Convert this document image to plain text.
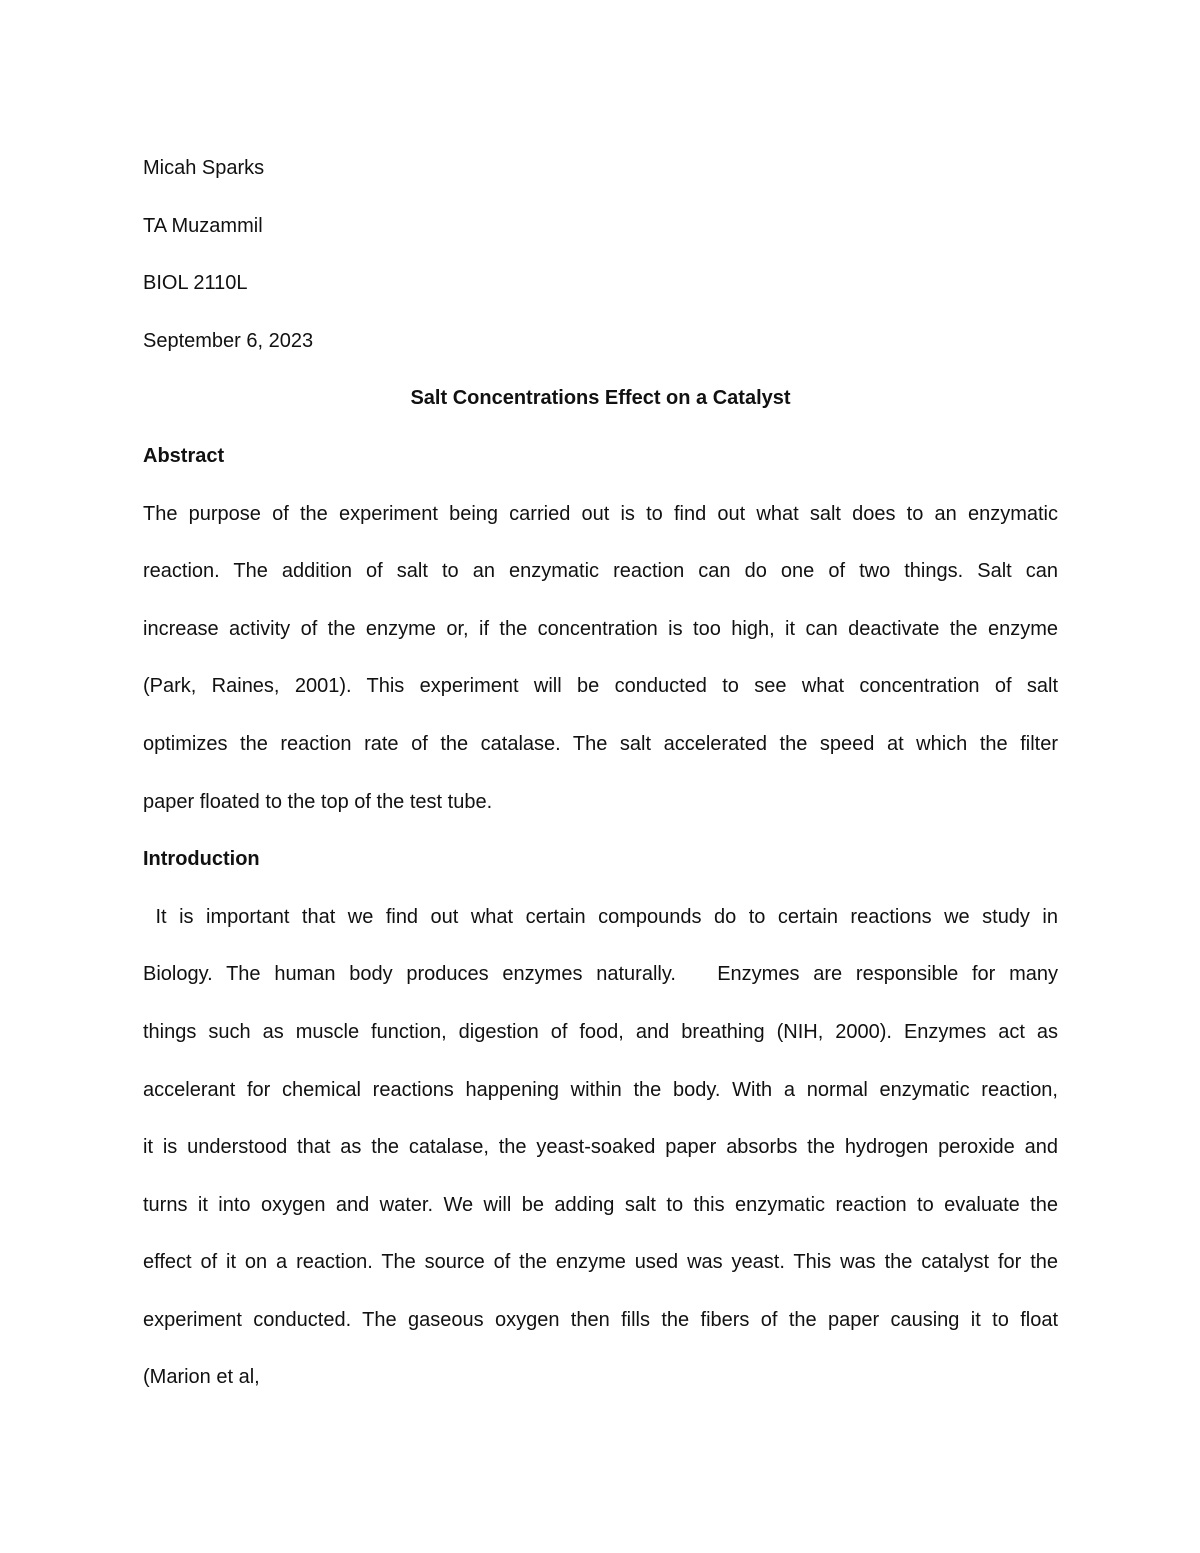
Micah Sparks
TA Muzammil
BIOL 2110L
September 6, 2023
Salt Concentrations Effect on a Catalyst
Abstract
The purpose of the experiment being carried out is to find out what salt does to an enzymatic
reaction. The addition of salt to an enzymatic reaction can do one of two things. Salt can
increase activity of the enzyme or, if the concentration is too high, it can deactivate the enzyme
(Park, Raines, 2001). This experiment will be conducted to see what concentration of salt
optimizes the reaction rate of the catalase. The salt accelerated the speed at which the filter
paper floated to the top of the test tube.
Introduction
It is important that we find out what certain compounds do to certain reactions we study in
Biology. The human body produces enzymes naturally.   Enzymes are responsible for many
things such as muscle function, digestion of food, and breathing (NIH, 2000). Enzymes act as
accelerant for chemical reactions happening within the body. With a normal enzymatic reaction,
it is understood that as the catalase, the yeast-soaked paper absorbs the hydrogen peroxide and
turns it into oxygen and water. We will be adding salt to this enzymatic reaction to evaluate the
effect of it on a reaction. The source of the enzyme used was yeast. This was the catalyst for the
experiment conducted. The gaseous oxygen then fills the fibers of the paper causing it to float
(Marion et al,
